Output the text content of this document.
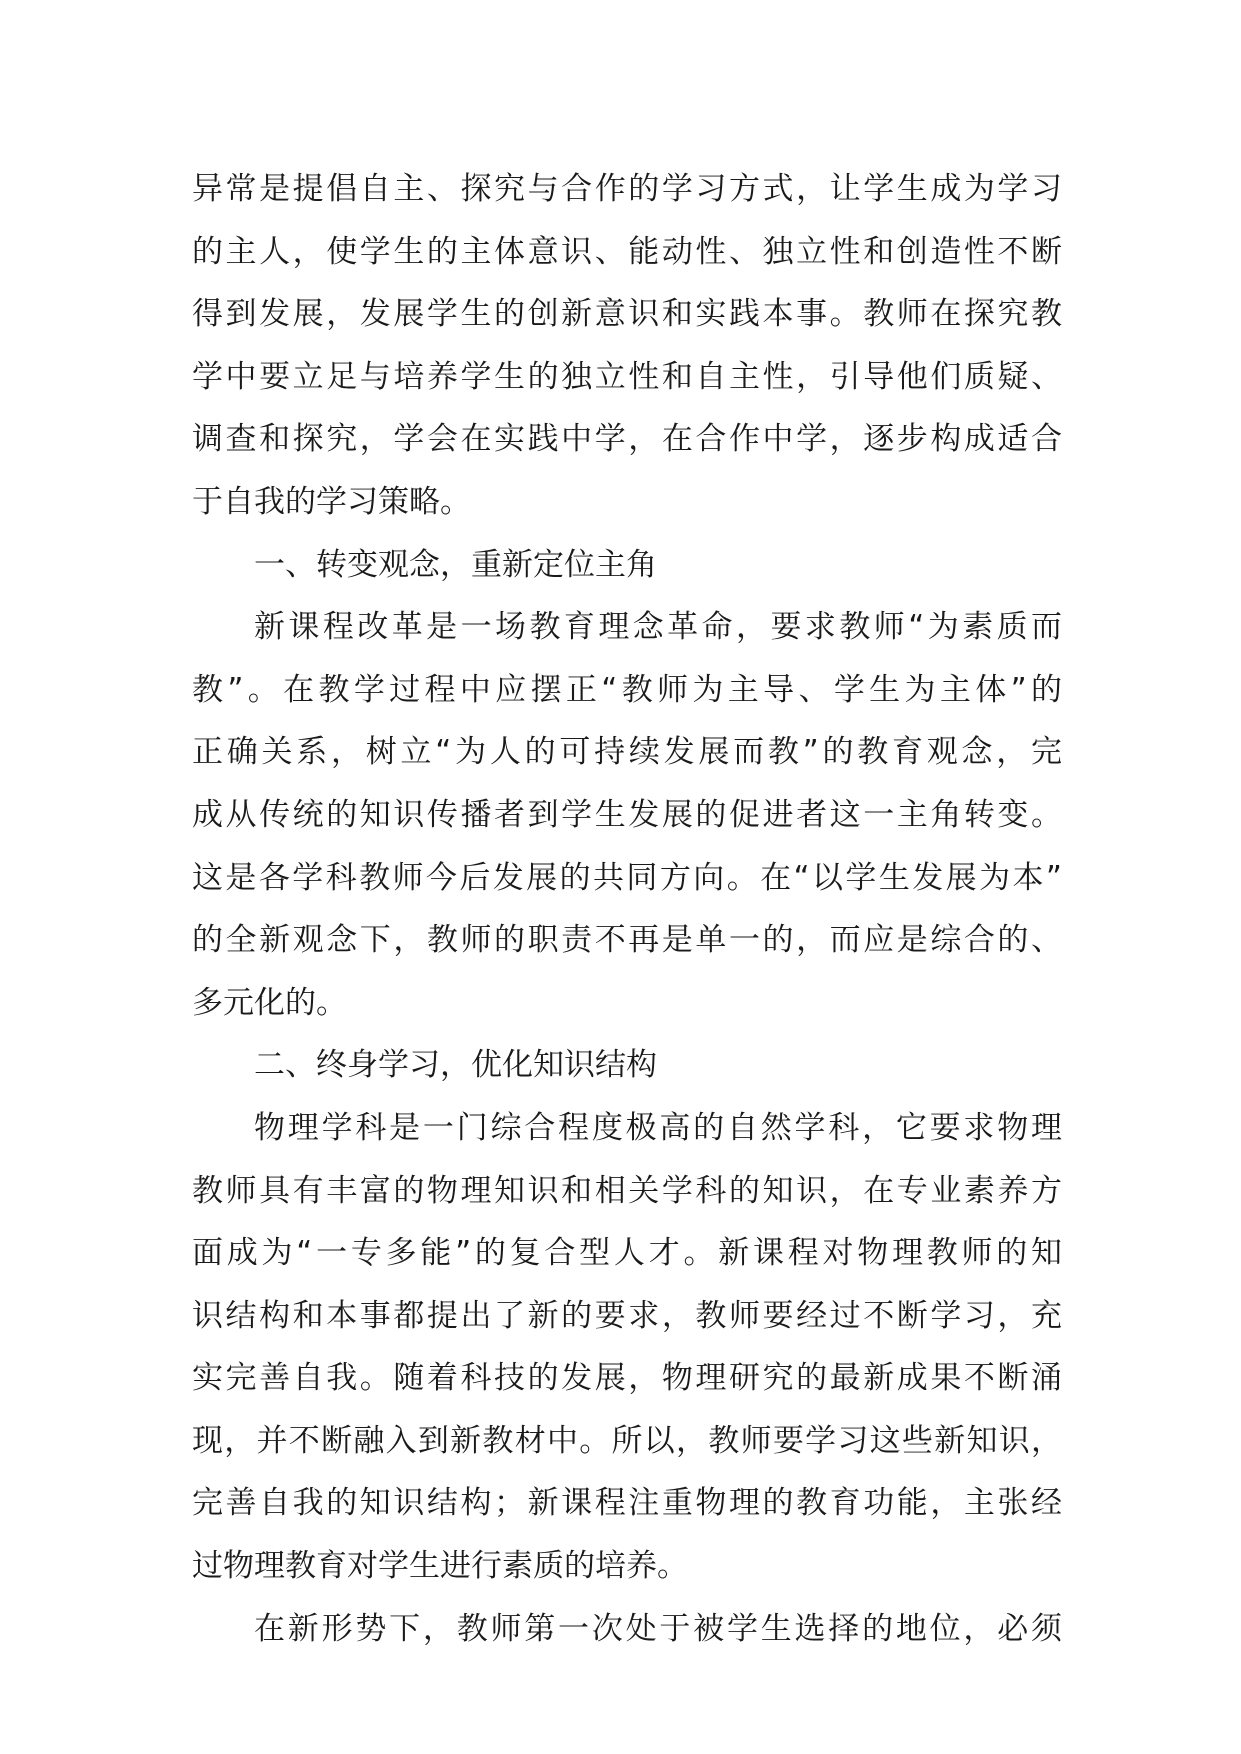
异常是提倡自主、探究与合作的学习方式，让学生成为学习
的主人，使学生的主体意识、能动性、独立性和创造性不断
得到发展，发展学生的创新意识和实践本事。教师在探究教
学中要立足与培养学生的独立性和自主性，引导他们质疑、
调查和探究，学会在实践中学，在合作中学，逐步构成适合
于自我的学习策略。
一、转变观念，重新定位主角
新课程改革是一场教育理念革命，要求教师“为素质而
教”。在教学过程中应摆正“教师为主导、学生为主体”的
正确关系，树立“为人的可持续发展而教”的教育观念，完
成从传统的知识传播者到学生发展的促进者这一主角转变。
这是各学科教师今后发展的共同方向。在“以学生发展为本”
的全新观念下，教师的职责不再是单一的，而应是综合的、
多元化的。
二、终身学习，优化知识结构
物理学科是一门综合程度极高的自然学科，它要求物理
教师具有丰富的物理知识和相关学科的知识，在专业素养方
面成为“一专多能”的复合型人才。新课程对物理教师的知
识结构和本事都提出了新的要求，教师要经过不断学习，充
实完善自我。随着科技的发展，物理研究的最新成果不断涌
现，并不断融入到新教材中。所以，教师要学习这些新知识，
完善自我的知识结构；新课程注重物理的教育功能，主张经
过物理教育对学生进行素质的培养。
在新形势下，教师第一次处于被学生选择的地位，必须
